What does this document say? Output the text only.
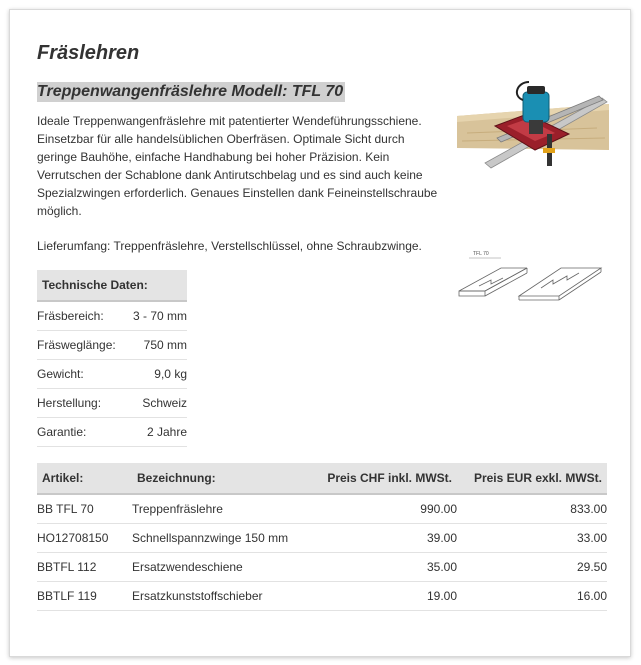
Fräslehren
Treppenwangenfräslehre Modell: TFL 70

Ideale Treppenwangenfräslehre mit patentierter Wendeführungsschiene. Einsetzbar für alle handelsüblichen Oberfräsen. Optimale Sicht durch geringe Bauhöhe, einfache Handhabung bei hoher Präzision. Kein Verrutschen der Schablone dank Antirutschbelag und es sind auch keine Spezialzwingen erforderlich. Genaues Einstellen dank Feineinstellschraube möglich.

Lieferumfang: Treppenfräslehre, Verstellschlüssel, ohne Schraubzwinge.

TFL 70
Technische Daten:	
Fräsbereich:	3 - 70 mm
Fräsweglänge:	750 mm
Gewicht:	9,0 kg
Herstellung:	Schweiz
Garantie:	2 Jahre
Artikel:	Bezeichnung:	Preis CHF inkl. MWSt.	Preis EUR exkl. MWSt.
BB TFL 70	Treppenfräslehre	990.00	833.00
HO12708150	Schnellspannzwinge 150 mm	39.00	33.00
BBTFL 112	Ersatzwendeschiene	35.00	29.50
BBTLF 119	Ersatzkunststoffschieber	19.00	16.00
